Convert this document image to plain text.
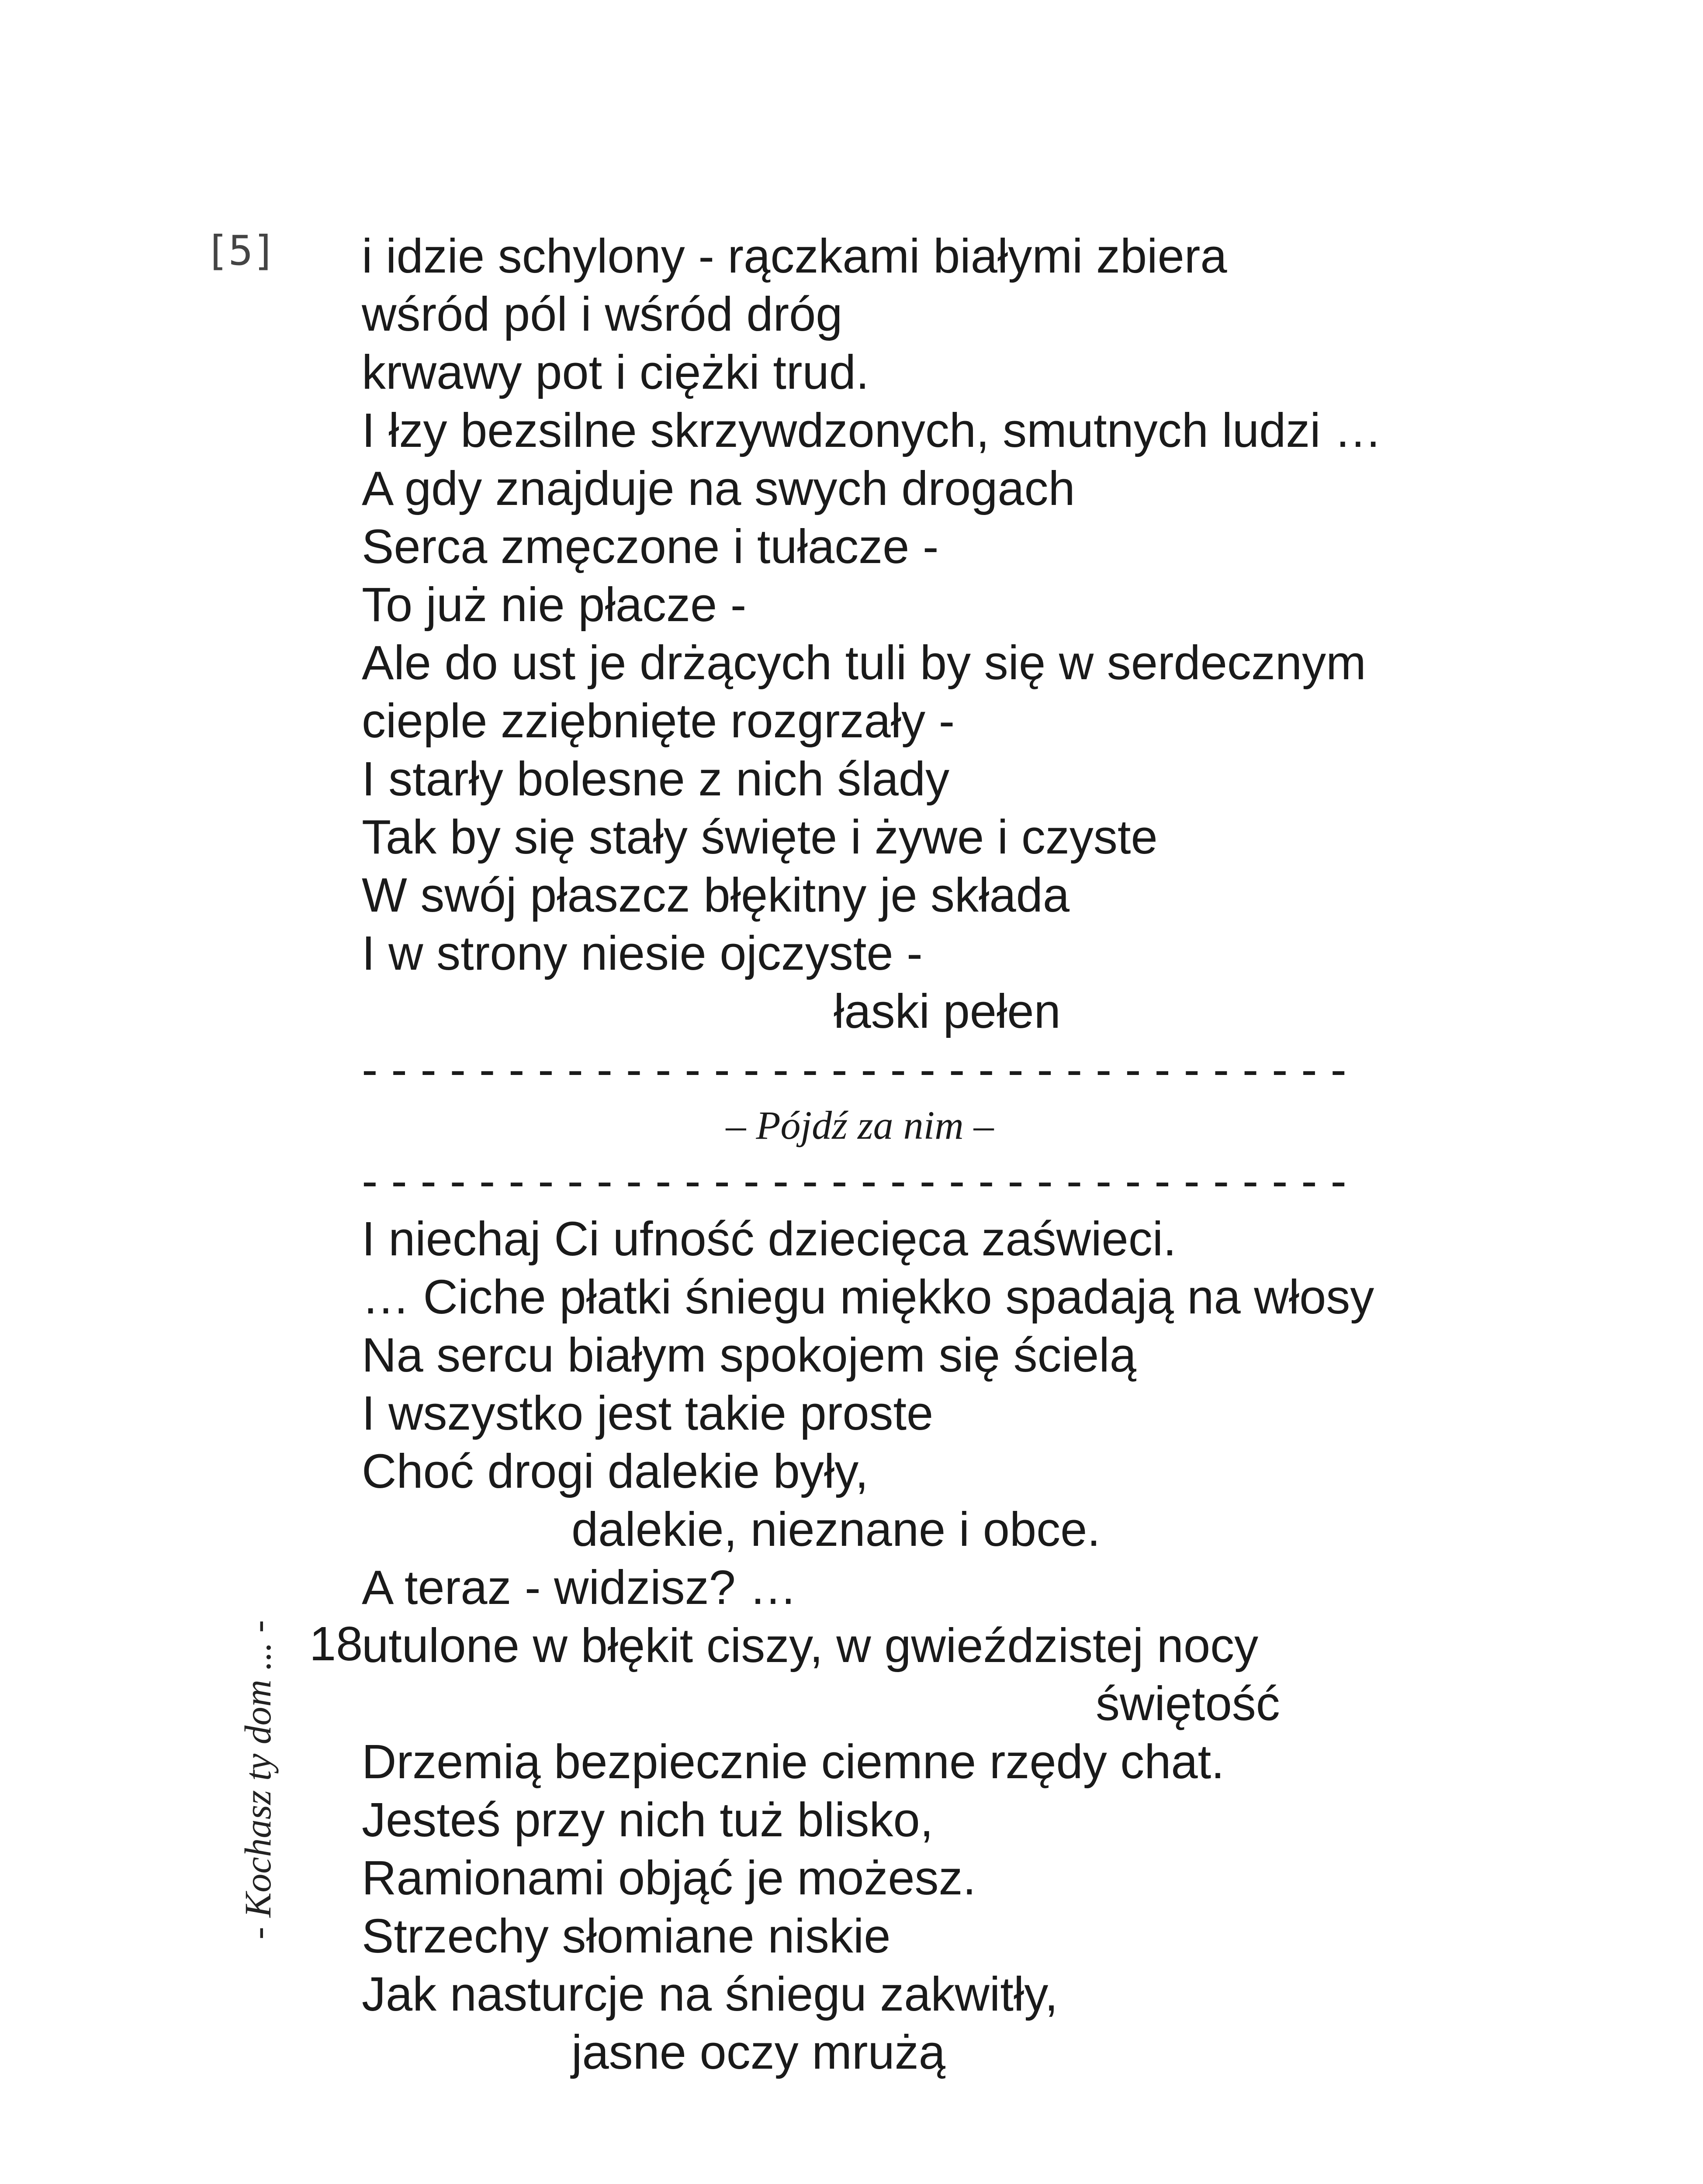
[5] i idzie schylony - rączkami białymi zbiera
wśród pól i wśród dróg
krwawy pot i ciężki trud.
I łzy bezsilne skrzywdzonych, smutnych ludzi …
A gdy znajduje na swych drogach
Serca zmęczone i tułacze -
To już nie płacze -
Ale do ust je drżących tuli by się w serdecznym
cieple zziębnięte rozgrzały -
I starły bolesne z nich ślady
Tak by się stały święte i żywe i czyste
W swój płaszcz błękitny je składa
I w strony niesie ojczyste -
łaski pełen
- - - - - - - - - - - - - - - - - - - - - - - - - - - - - - - - - -
– Pójdź za nim –
- - - - - - - - - - - - - - - - - - - - - - - - - - - - - - - - - -
I niechaj Ci ufność dziecięca zaświeci.
… Ciche płatki śniegu miękko spadają na włosy
Na sercu białym spokojem się ścielą
I wszystko jest takie proste
Choć drogi dalekie były,
dalekie, nieznane i obce.
A teraz - widzisz? …
utulone w błękit ciszy, w gwieździstej nocy
świętość
Drzemią bezpiecznie ciemne rzędy chat.
Jesteś przy nich tuż blisko,
Ramionami objąć je możesz.
Strzechy słomiane niskie
Jak nasturcje na śniegu zakwitły,
jasne oczy mrużą
- Kochasz ty dom ... - 18
